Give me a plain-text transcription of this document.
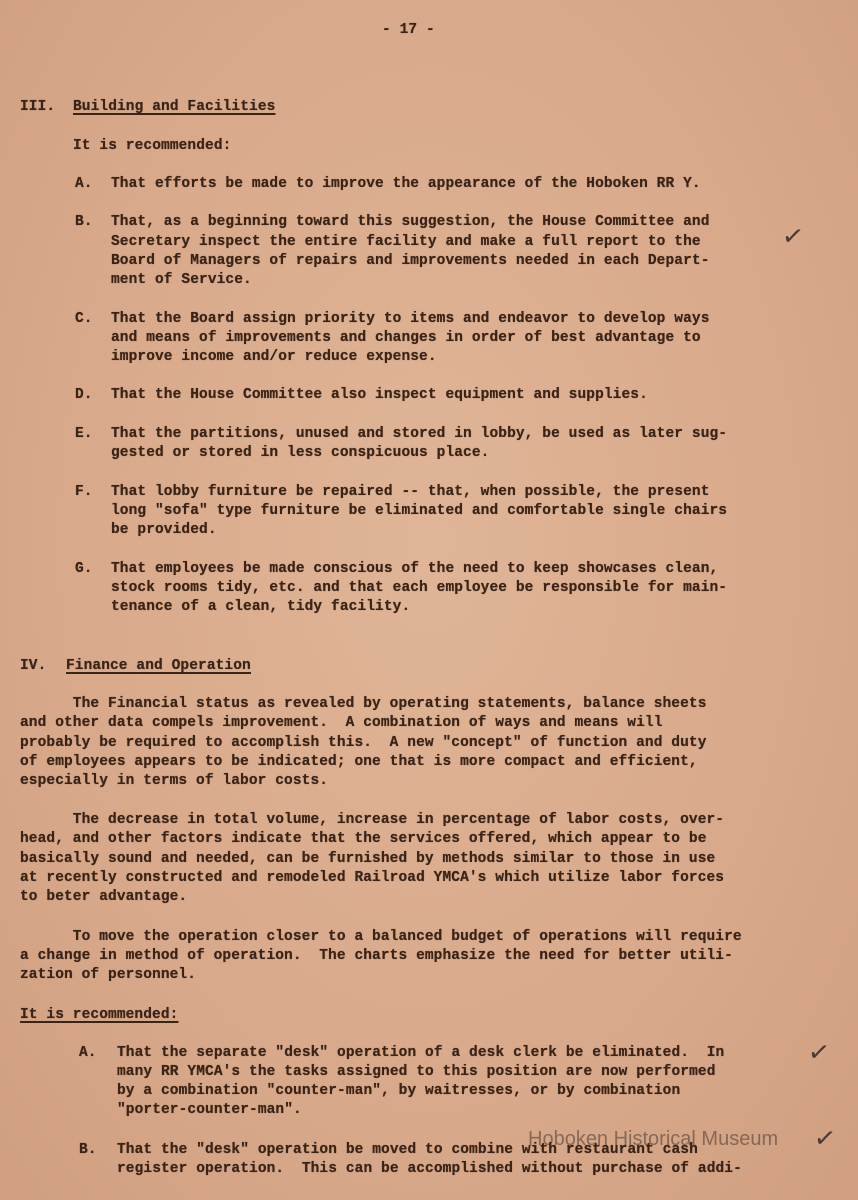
- 17 -
III. Building and Facilities
It is recommended:
A. That efforts be made to improve the appearance of the Hoboken RR Y.
B. That, as a beginning toward this suggestion, the House Committee and
Secretary inspect the entire facility and make a full report to the
Board of Managers of repairs and improvements needed in each Depart-
ment of Service.
C. That the Board assign priority to items and endeavor to develop ways
and means of improvements and changes in order of best advantage to
improve income and/or reduce expense.
D. That the House Committee also inspect equipment and supplies.
E. That the partitions, unused and stored in lobby, be used as later sug-
gested or stored in less conspicuous place.
F. That lobby furniture be repaired -- that, when possible, the present
long "sofa" type furniture be eliminated and comfortable single chairs
be provided.
G. That employees be made conscious of the need to keep showcases clean,
stock rooms tidy, etc. and that each employee be responsible for main-
tenance of a clean, tidy facility.
IV. Finance and Operation
The Financial status as revealed by operating statements, balance sheets
and other data compels improvement.  A combination of ways and means will
probably be required to accomplish this.  A new "concept" of function and duty
of employees appears to be indicated; one that is more compact and efficient,
especially in terms of labor costs.
The decrease in total volume, increase in percentage of labor costs, over-
head, and other factors indicate that the services offered, which appear to be
basically sound and needed, can be furnished by methods similar to those in use
at recently constructed and remodeled Railroad YMCA's which utilize labor forces
to beter advantage.
To move the operation closer to a balanced budget of operations will require
a change in method of operation.  The charts emphasize the need for better utili-
zation of personnel.
It is recommended:
A. That the separate "desk" operation of a desk clerk be eliminated.  In
many RR YMCA's the tasks assigned to this position are now performed
by a combination "counter-man", by waitresses, or by combination
"porter-counter-man".
B. That the "desk" operation be moved to combine with restaurant cash
register operation.  This can be accomplished without purchase of addi-
✓
✓
✓
Hoboken Historical Museum
